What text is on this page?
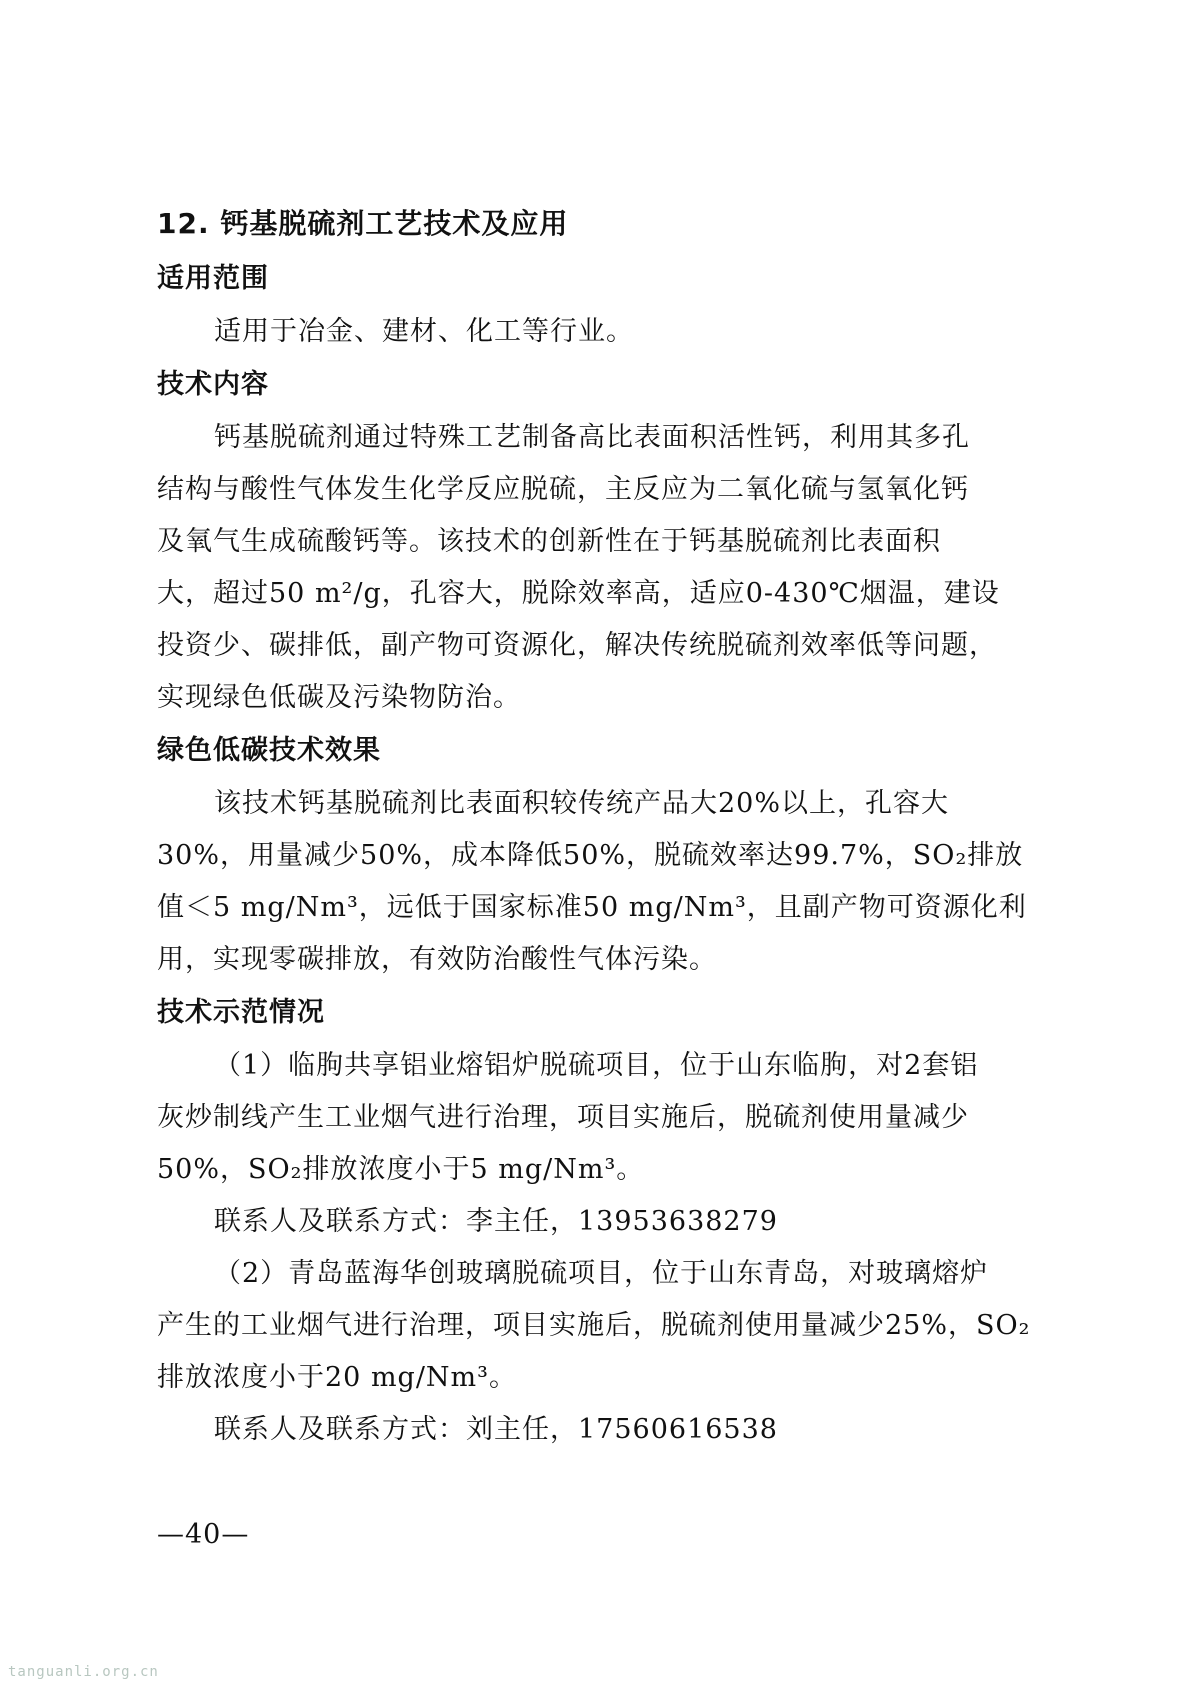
12. 钙基脱硫剂工艺技术及应用
适用范围
适用于冶金、建材、化工等行业。
技术内容
钙基脱硫剂通过特殊工艺制备高比表面积活性钙，利用其多孔
结构与酸性气体发生化学反应脱硫，主反应为二氧化硫与氢氧化钙
及氧气生成硫酸钙等。该技术的创新性在于钙基脱硫剂比表面积
大，超过50 m²/g，孔容大，脱除效率高，适应0-430℃烟温，建设
投资少、碳排低，副产物可资源化，解决传统脱硫剂效率低等问题，
实现绿色低碳及污染物防治。
绿色低碳技术效果
该技术钙基脱硫剂比表面积较传统产品大20%以上，孔容大
30%，用量减少50%，成本降低50%，脱硫效率达99.7%，SO₂排放
值＜5 mg/Nm³，远低于国家标准50 mg/Nm³，且副产物可资源化利
用，实现零碳排放，有效防治酸性气体污染。
技术示范情况
（1）临朐共享铝业熔铝炉脱硫项目，位于山东临朐，对2套铝
灰炒制线产生工业烟气进行治理，项目实施后，脱硫剂使用量减少
50%，SO₂排放浓度小于5 mg/Nm³。
联系人及联系方式：李主任，13953638279
（2）青岛蓝海华创玻璃脱硫项目，位于山东青岛，对玻璃熔炉
产生的工业烟气进行治理，项目实施后，脱硫剂使用量减少25%，SO₂
排放浓度小于20 mg/Nm³。
联系人及联系方式：刘主任，17560616538
—40—
tanguanli.org.cn
